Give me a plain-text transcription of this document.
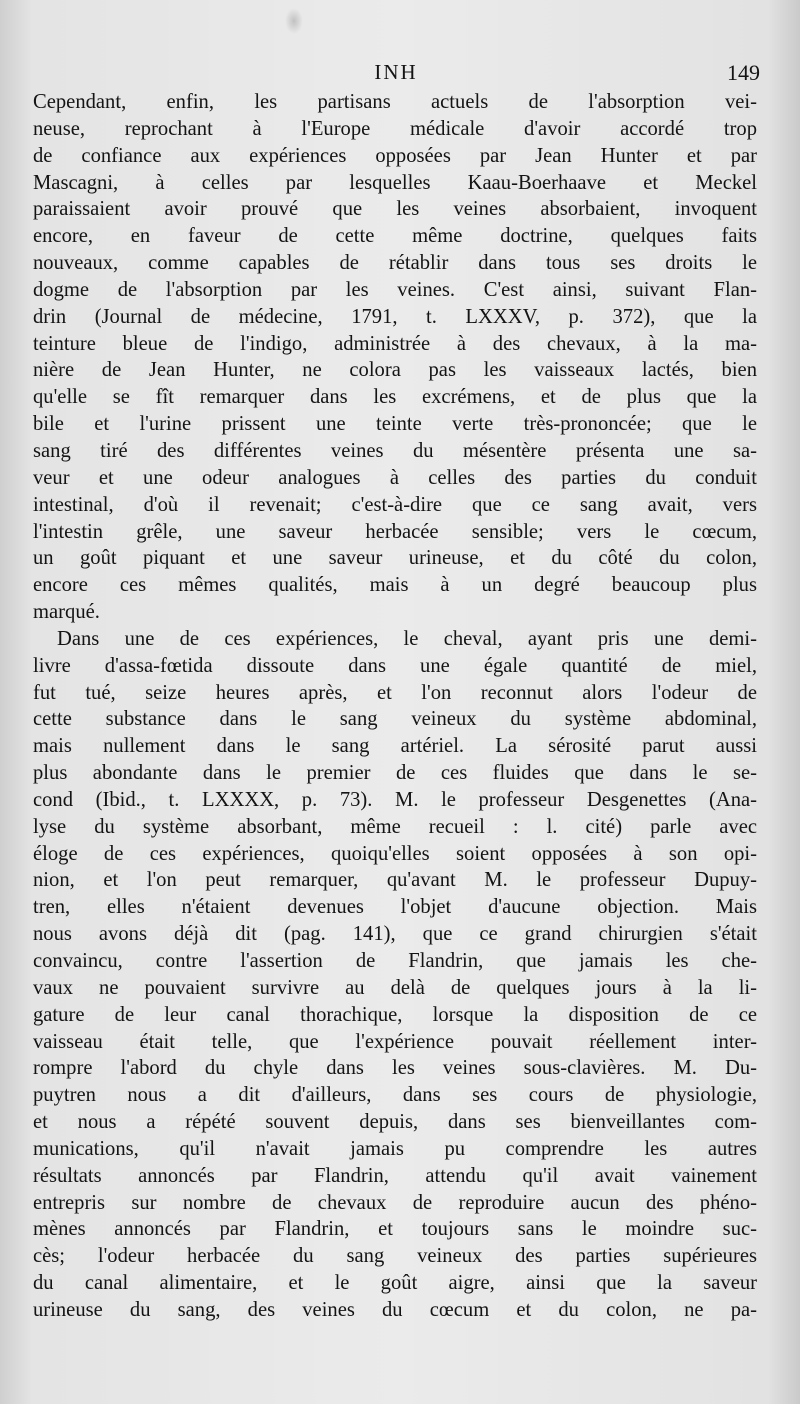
INH	149
Cependant, enfin, les partisans actuels de l'absorption vei-
neuse, reprochant à l'Europe médicale d'avoir accordé trop
de confiance aux expériences opposées par Jean Hunter et par
Mascagni, à celles par lesquelles Kaau-Boerhaave et Meckel
paraissaient avoir prouvé que les veines absorbaient, invoquent
encore, en faveur de cette même doctrine, quelques faits
nouveaux, comme capables de rétablir dans tous ses droits le
dogme de l'absorption par les veines. C'est ainsi, suivant Flan-
drin (Journal de médecine, 1791, t. LXXXV, p. 372), que la
teinture bleue de l'indigo, administrée à des chevaux, à la ma-
nière de Jean Hunter, ne colora pas les vaisseaux lactés, bien
qu'elle se fît remarquer dans les excrémens, et de plus que la
bile et l'urine prissent une teinte verte très-prononcée; que le
sang tiré des différentes veines du mésentère présenta une sa-
veur et une odeur analogues à celles des parties du conduit
intestinal, d'où il revenait; c'est-à-dire que ce sang avait, vers
l'intestin grêle, une saveur herbacée sensible; vers le cœcum,
un goût piquant et une saveur urineuse, et du côté du colon,
encore ces mêmes qualités, mais à un degré beaucoup plus
marqué.
Dans une de ces expériences, le cheval, ayant pris une demi-
livre d'assa-fœtida dissoute dans une égale quantité de miel,
fut tué, seize heures après, et l'on reconnut alors l'odeur de
cette substance dans le sang veineux du système abdominal,
mais nullement dans le sang artériel. La sérosité parut aussi
plus abondante dans le premier de ces fluides que dans le se-
cond (Ibid., t. LXXXX, p. 73). M. le professeur Desgenettes (Ana-
lyse du système absorbant, même recueil : l. cité) parle avec
éloge de ces expériences, quoiqu'elles soient opposées à son opi-
nion, et l'on peut remarquer, qu'avant M. le professeur Dupuy-
tren, elles n'étaient devenues l'objet d'aucune objection. Mais
nous avons déjà dit (pag. 141), que ce grand chirurgien s'était
convaincu, contre l'assertion de Flandrin, que jamais les che-
vaux ne pouvaient survivre au delà de quelques jours à la li-
gature de leur canal thorachique, lorsque la disposition de ce
vaisseau était telle, que l'expérience pouvait réellement inter-
rompre l'abord du chyle dans les veines sous-clavières. M. Du-
puytren nous a dit d'ailleurs, dans ses cours de physiologie,
et nous a répété souvent depuis, dans ses bienveillantes com-
munications, qu'il n'avait jamais pu comprendre les autres
résultats annoncés par Flandrin, attendu qu'il avait vainement
entrepris sur nombre de chevaux de reproduire aucun des phéno-
mènes annoncés par Flandrin, et toujours sans le moindre suc-
cès; l'odeur herbacée du sang veineux des parties supérieures
du canal alimentaire, et le goût aigre, ainsi que la saveur
urineuse du sang, des veines du cœcum et du colon, ne pa-
